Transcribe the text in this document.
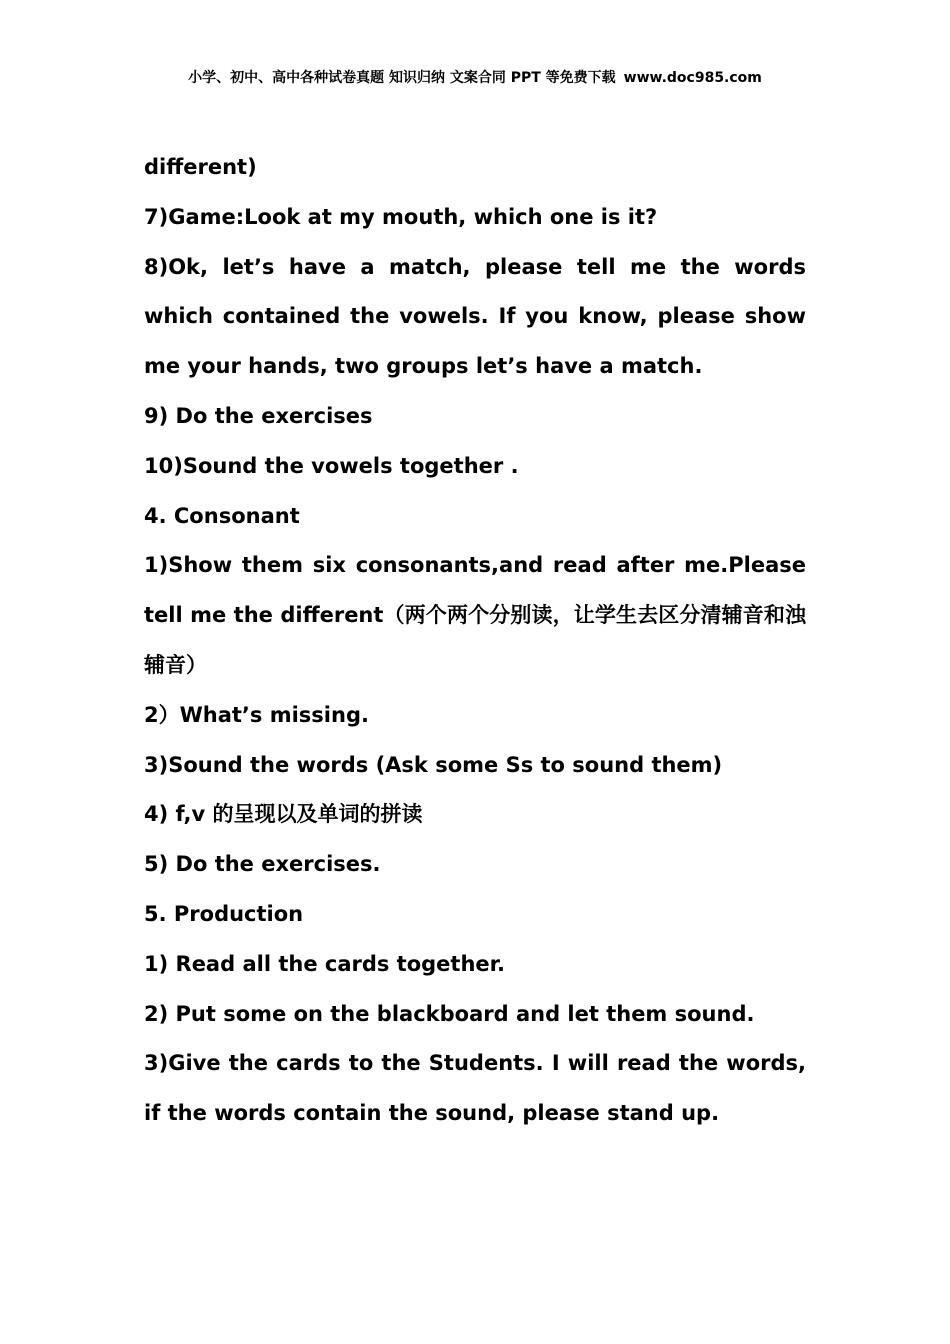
小学、初中、高中各种试卷真题 知识归纳 文案合同 PPT 等免费下载 www.doc985.com
different)
7)Game:Look at my mouth, which one is it?
8)Ok, let’s have a match, please tell me the words which contained the vowels. If you know, please show me your hands, two groups let’s have a match.
9) Do the exercises
10)Sound the vowels together .
4. Consonant
1)Show them six consonants,and read after me.Please tell me the different（两个两个分别读，让学生去区分清辅音和浊辅音）
2）What’s missing.
3)Sound the words (Ask some Ss to sound them)
4) f,v 的呈现以及单词的拼读
5) Do the exercises.
5. Production
1) Read all the cards together.
2) Put some on the blackboard and let them sound.
3)Give the cards to the Students. I will read the words, if the words contain the sound, please stand up.
